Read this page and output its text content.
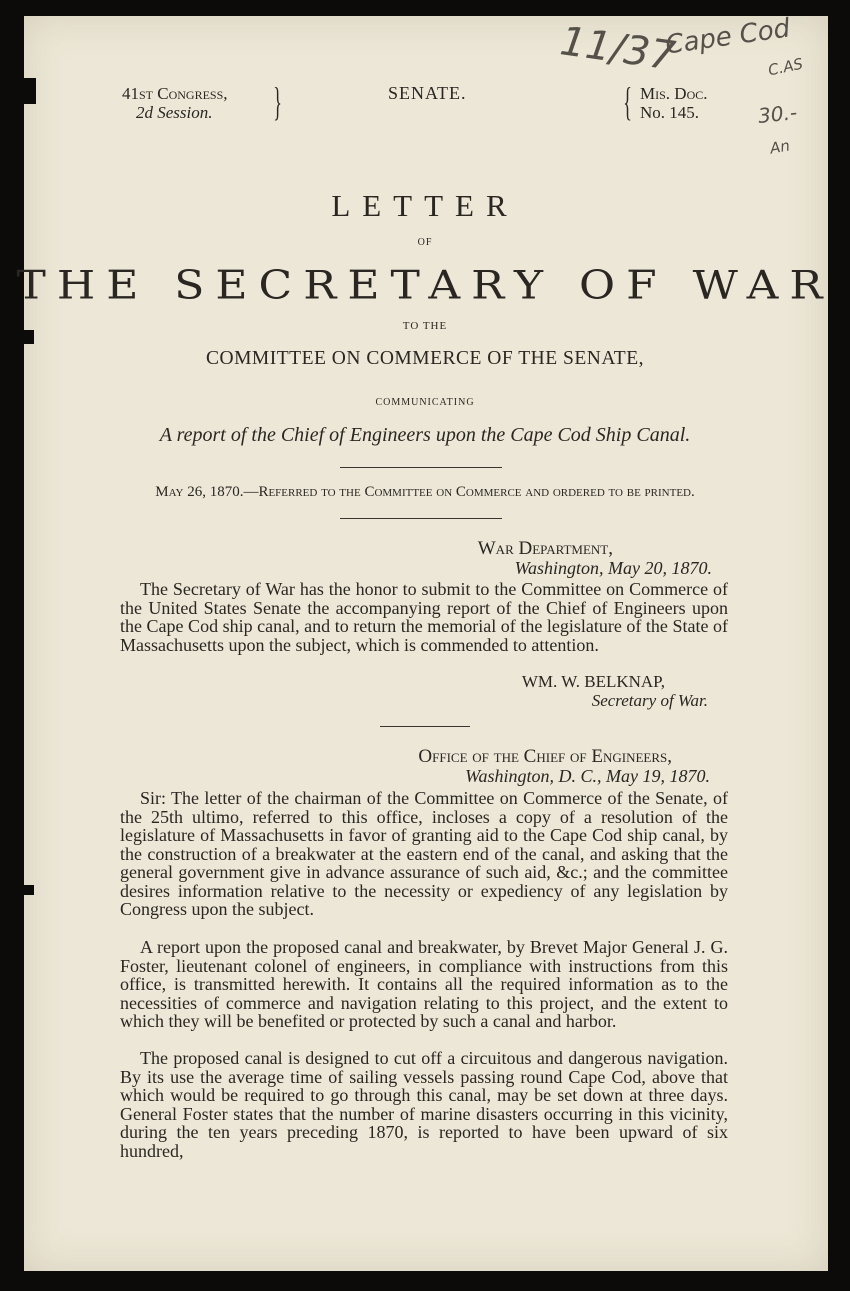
11/37
Cape Cod
C.AS
30.-
An
41st Congress,
2d Session.	}	SENATE.	{ Mis. Doc.
No. 145.
LETTER
OF
THE SECRETARY OF WAR
TO THE
COMMITTEE ON COMMERCE OF THE SENATE,
COMMUNICATING
A report of the Chief of Engineers upon the Cape Cod Ship Canal.
May 26, 1870.—Referred to the Committee on Commerce and ordered to be printed.
War Department,
Washington, May 20, 1870.
The Secretary of War has the honor to submit to the Committee on Commerce of the United States Senate the accompanying report of the Chief of Engineers upon the Cape Cod ship canal, and to return the memorial of the legislature of the State of Massachusetts upon the subject, which is commended to attention.
WM. W. BELKNAP,
Secretary of War.
Office of the Chief of Engineers,
Washington, D. C., May 19, 1870.
Sir: The letter of the chairman of the Committee on Commerce of the Senate, of the 25th ultimo, referred to this office, incloses a copy of a resolution of the legislature of Massachusetts in favor of granting aid to the Cape Cod ship canal, by the construction of a breakwater at the eastern end of the canal, and asking that the general government give in advance assurance of such aid, &c.; and the committee desires information relative to the necessity or expediency of any legislation by Congress upon the subject.
A report upon the proposed canal and breakwater, by Brevet Major General J. G. Foster, lieutenant colonel of engineers, in compliance with instructions from this office, is transmitted herewith. It contains all the required information as to the necessities of commerce and navigation relating to this project, and the extent to which they will be benefited or protected by such a canal and harbor.
The proposed canal is designed to cut off a circuitous and dangerous navigation. By its use the average time of sailing vessels passing round Cape Cod, above that which would be required to go through this canal, may be set down at three days. General Foster states that the number of marine disasters occurring in this vicinity, during the ten years preceding 1870, is reported to have been upward of six hundred,
